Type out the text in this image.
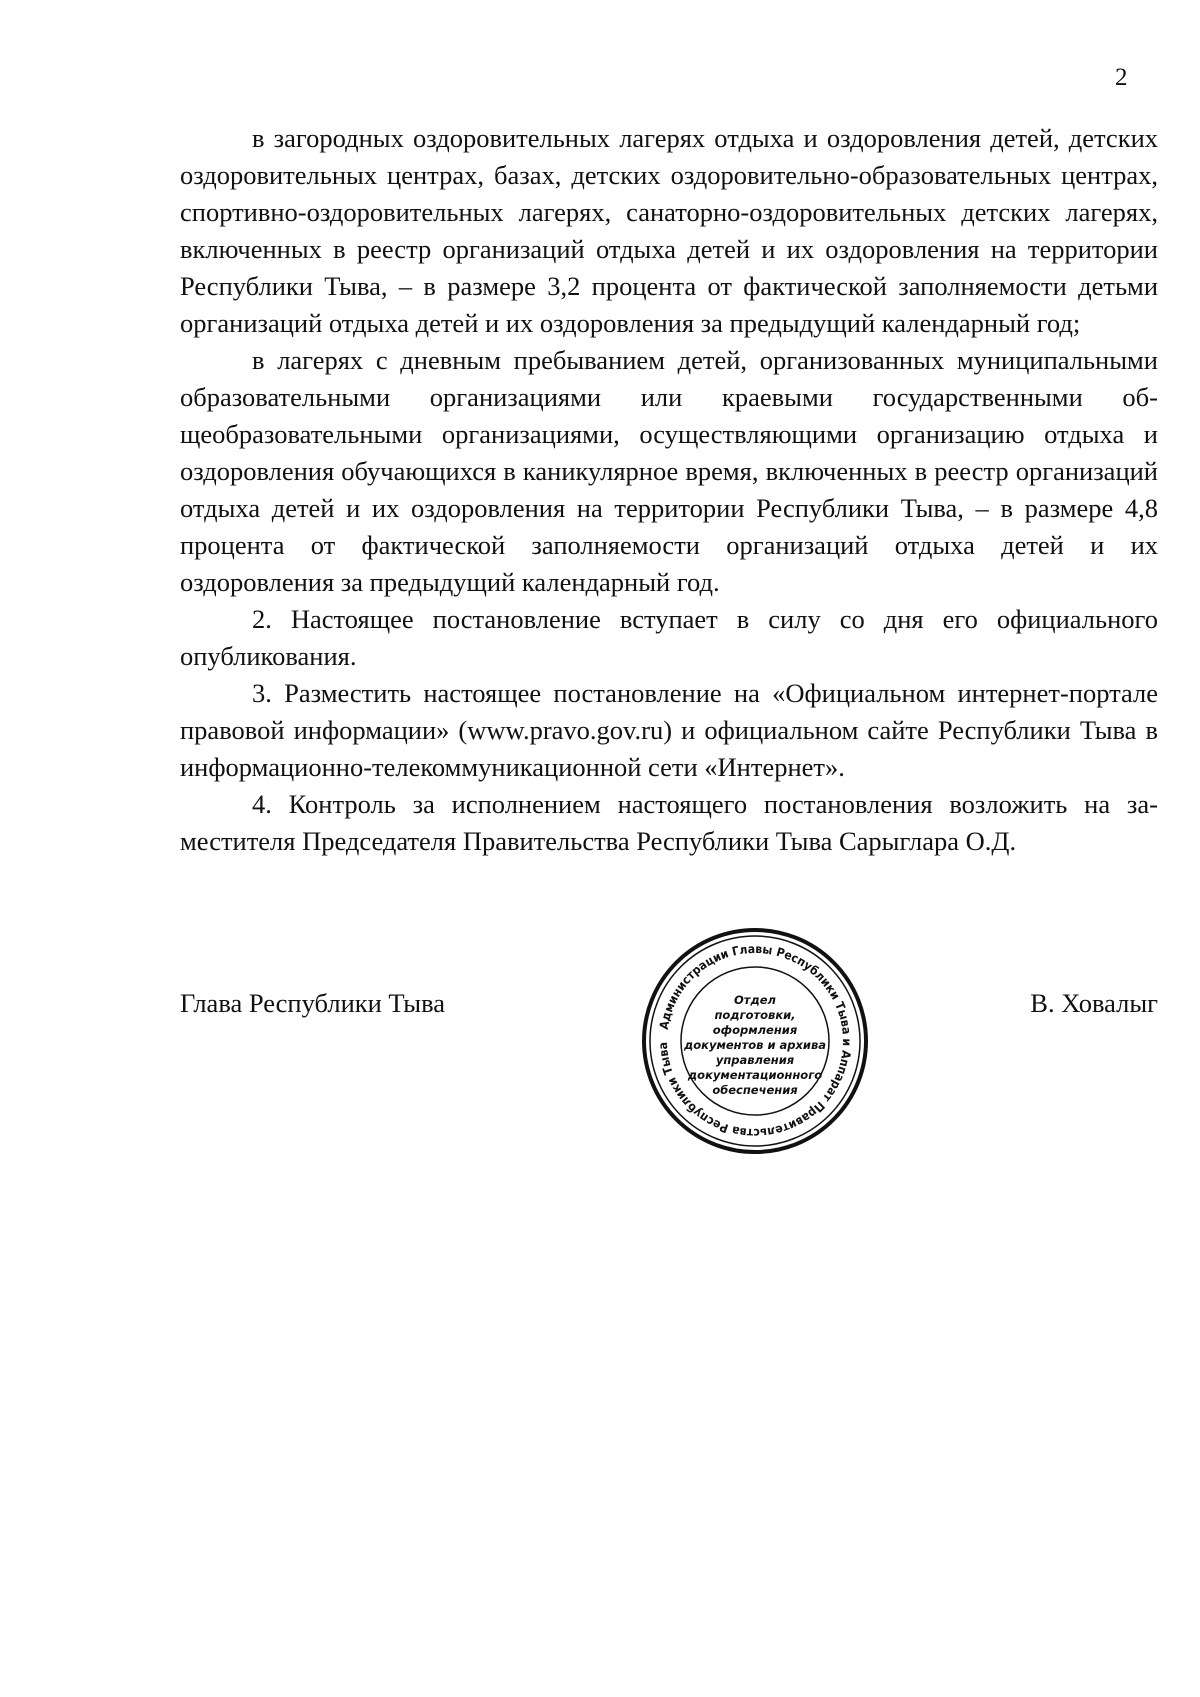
2

в загородных оздоровительных лагерях отдыха и оздоровления детей, детских оздоровительных центрах, базах, детских оздоровительно-образовательных центрах, спортивно-оздоровительных лагерях, санаторно-оздоровительных детских лагерях, включенных в реестр организаций отдыха детей и их оздоровления на территории Республики Тыва, – в размере 3,2 процента от фактической заполняемости детьми организаций отдыха детей и их оздоровления за предыдущий календарный год;

в лагерях с дневным пребыванием детей, организованных муниципальными образовательными организациями или краевыми государственными общеобразовательными организациями, осуществляющими организацию отдыха и оздоровления обучающихся в каникулярное время, включенных в реестр организаций отдыха детей и их оздоровления на территории Республики Тыва, – в размере 4,8 процента от фактической заполняемости организаций отдыха детей и их оздоровления за предыдущий календарный год.

2. Настоящее постановление вступает в силу со дня его официального опубликования.

3. Разместить настоящее постановление на «Официальном интернет-портале правовой информации» (www.pravo.gov.ru) и официальном сайте Республики Тыва в информационно-телекоммуникационной сети «Интернет».

4. Контроль за исполнением настоящего постановления возложить на заместителя Председателя Правительства Республики Тыва Сарыглара О.Д.

Глава Республики Тыва	В. Ховалыг
Администрации Главы Республики Тыва и Аппарат Правительства Республики Тыва
Отдел
подготовки,
оформления
документов и архива
управления
документационного
обеспечения
